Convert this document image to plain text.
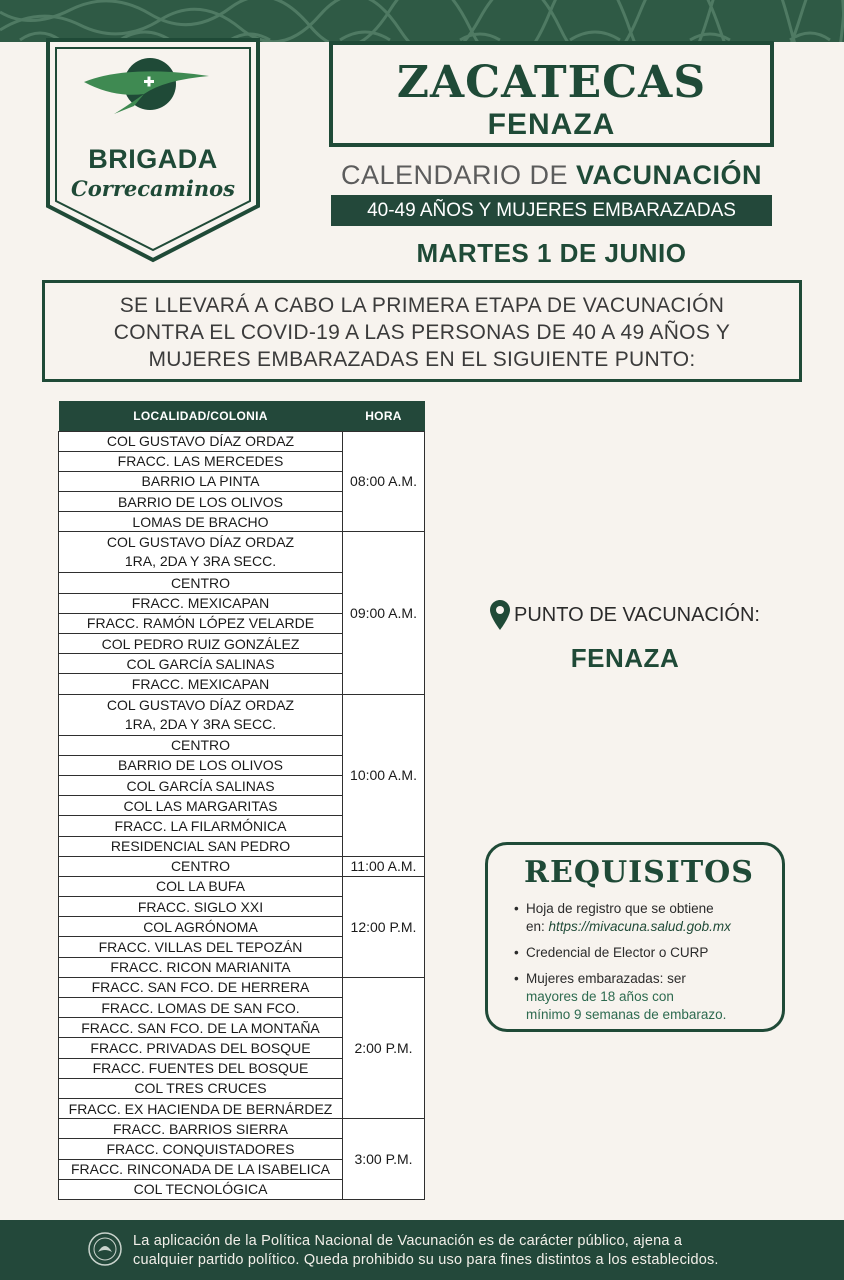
BRIGADA
Correcaminos
ZACATECAS
FENAZA
CALENDARIO DE VACUNACIÓN
40-49 AÑOS Y MUJERES EMBARAZADAS
MARTES 1 DE JUNIO

SE LLEVARÁ A CABO LA PRIMERA ETAPA DE VACUNACIÓN

CONTRA EL COVID-19 A LAS PERSONAS DE 40 A 49 AÑOS Y

MUJERES EMBARAZADAS EN EL SIGUIENTE PUNTO:

LOCALIDAD/COLONIA	HORA
COL GUSTAVO DÍAZ ORDAZ	08:00 A.M.
FRACC. LAS MERCEDES	
BARRIO LA PINTA	
BARRIO DE LOS OLIVOS	
LOMAS DE BRACHO	
COL GUSTAVO DÍAZ ORDAZ
1RA, 2DA Y 3RA SECC.	09:00 A.M.
CENTRO	
FRACC. MEXICAPAN	
FRACC. RAMÓN LÓPEZ VELARDE	
COL PEDRO RUIZ GONZÁLEZ	
COL GARCÍA SALINAS	
FRACC. MEXICAPAN	
COL GUSTAVO DÍAZ ORDAZ
1RA, 2DA Y 3RA SECC.	10:00 A.M.
CENTRO	
BARRIO DE LOS OLIVOS	
COL GARCÍA SALINAS	
COL LAS MARGARITAS	
FRACC. LA FILARMÓNICA	
RESIDENCIAL SAN PEDRO	
CENTRO	11:00 A.M.
COL LA BUFA	12:00 P.M.
FRACC. SIGLO XXI	
COL AGRÓNOMA	
FRACC. VILLAS DEL TEPOZÁN	
FRACC. RICON MARIANITA	
FRACC. SAN FCO. DE HERRERA	2:00 P.M.
FRACC. LOMAS DE SAN FCO.	
FRACC. SAN FCO. DE LA MONTAÑA	
FRACC. PRIVADAS DEL BOSQUE	
FRACC. FUENTES DEL BOSQUE	
COL TRES CRUCES	
FRACC. EX HACIENDA DE BERNÁRDEZ	
FRACC. BARRIOS SIERRA	3:00 P.M.
FRACC. CONQUISTADORES	
FRACC. RINCONADA DE LA ISABELICA	
COL TECNOLÓGICA	
PUNTO DE VACUNACIÓN:
FENAZA
REQUISITOS
• Hoja de registro que se obtiene
en: https://mivacuna.salud.gob.mx
• Credencial de Elector o CURP
• Mujeres embarazadas: ser
mayores de 18 años con
mínimo 9 semanas de embarazo.
La aplicación de la Política Nacional de Vacunación es de carácter público, ajena a
cualquier partido político. Queda prohibido su uso para fines distintos a los establecidos.
